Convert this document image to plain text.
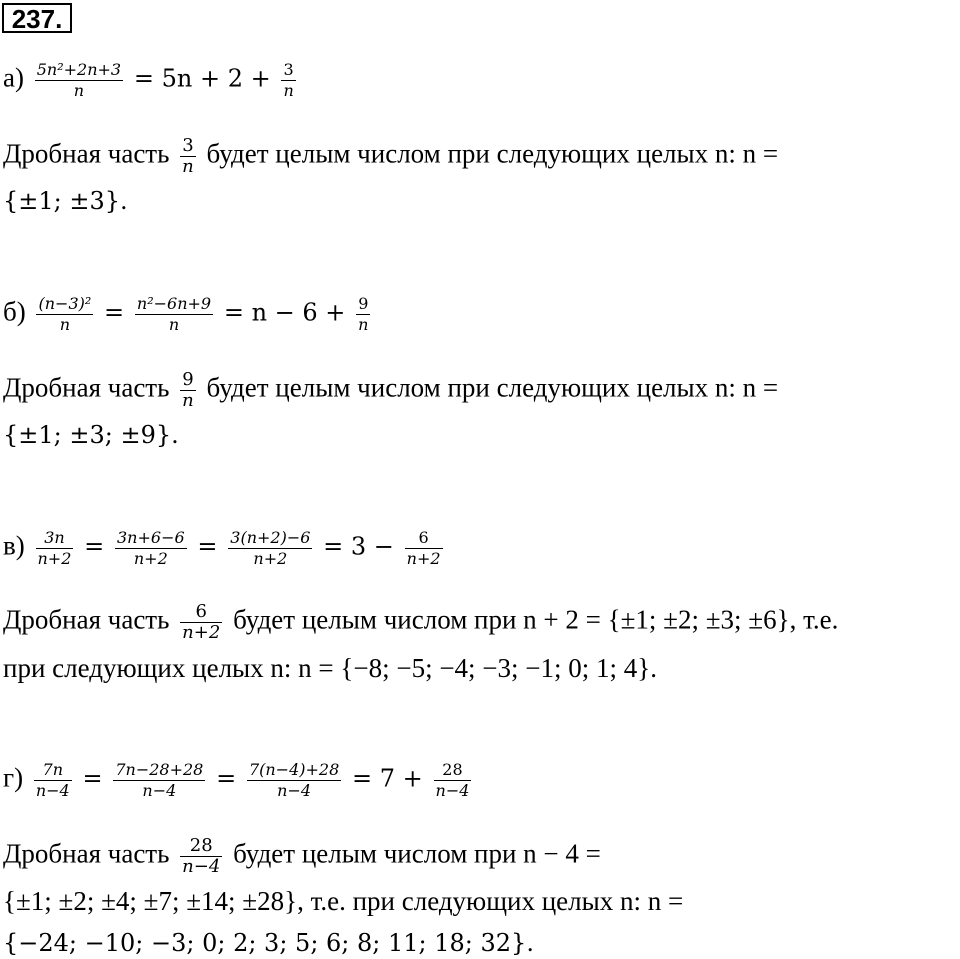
237.
$а) \frac{\text{5n²+2n+3}}{n} = 5n + 2 + \frac{3}{n}$
Дробная часть $\frac{3}{n}$ будет целым числом при следующих целых n: n =
{±1; ±3}.
$б) \frac{\text{(n−3)²}}{n} = \frac{\text{n²−6n+9}}{n} = n - 6 + \frac{9}{n}$
Дробная часть $\frac{9}{n}$ будет целым числом при следующих целых n: n =
{±1; ±3; ±9}.
$в) \frac{3n}{n+2} = \frac{3n+6-6}{n+2} = \frac{3(n+2)-6}{n+2} = 3 - \frac{6}{n+2}$
Дробная часть $\frac{6}{n+2}$ будет целым числом при n + 2 = {±1; ±2; ±3; ±6}, т.е.
при следующих целых n: n = {−8; −5; −4; −3; −1; 0; 1; 4}.
$г) \frac{7n}{n-4} = \frac{7n-28+28}{n-4} = \frac{7(n-4)+28}{n-4} = 7 + \frac{28}{n-4}$
Дробная часть $\frac{28}{n-4}$ будет целым числом при n − 4 =
{±1; ±2; ±4; ±7; ±14; ±28}, т.е. при следующих целых n: n =
{−24; −10; −3; 0; 2; 3; 5; 6; 8; 11; 18; 32}.
